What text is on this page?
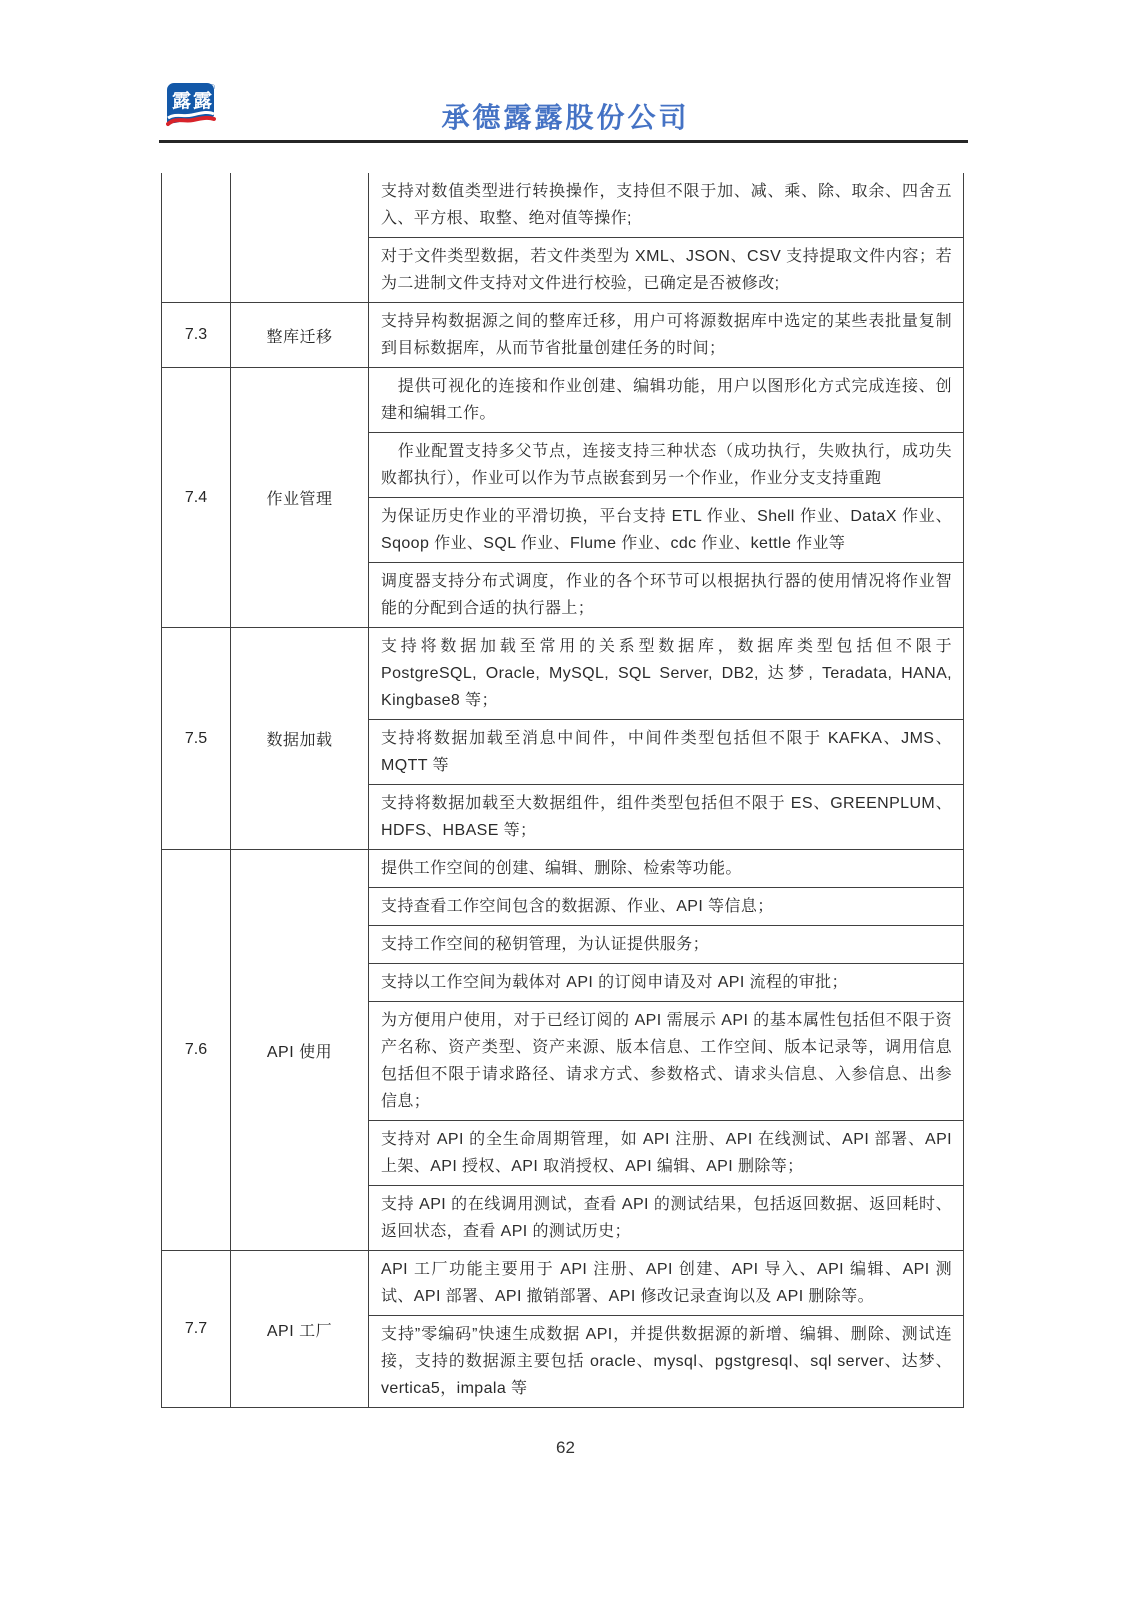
露露
®
承德露露股份公司

		支持对数值类型进行转换操作，支持但不限于加、减、乘、除、取余、四舍五入、平方根、取整、绝对值等操作;
对于文件类型数据，若文件类型为 XML、JSON、CSV 支持提取文件内容；若为二进制文件支持对文件进行校验，已确定是否被修改;

7.3	整库迁移	支持异构数据源之间的整库迁移，用户可将源数据库中选定的某些表批量复制到目标数据库，从而节省批量创建任务的时间；

7.4	作业管理	　提供可视化的连接和作业创建、编辑功能，用户以图形化方式完成连接、创建和编辑工作。
　作业配置支持多父节点，连接支持三种状态（成功执行，失败执行，成功失败都执行），作业可以作为节点嵌套到另一个作业，作业分支支持重跑
为保证历史作业的平滑切换，平台支持 ETL 作业、Shell 作业、DataX 作业、Sqoop 作业、SQL 作业、Flume 作业、cdc 作业、kettle 作业等
调度器支持分布式调度，作业的各个环节可以根据执行器的使用情况将作业智能的分配到合适的执行器上；

7.5	数据加载	支持将数据加载至常用的关系型数据库，数据库类型包括但不限于 PostgreSQL, Oracle, MySQL, SQL Server, DB2, 达梦, Teradata, HANA, Kingbase8 等；
支持将数据加载至消息中间件，中间件类型包括但不限于 KAFKA、JMS、MQTT 等
支持将数据加载至大数据组件，组件类型包括但不限于 ES、GREENPLUM、HDFS、HBASE 等；

7.6	API 使用	
提供工作空间的创建、编辑、删除、检索等功能。
支持查看工作空间包含的数据源、作业、API 等信息；
支持工作空间的秘钥管理，为认证提供服务；
支持以工作空间为载体对 API 的订阅申请及对 API 流程的审批；
为方便用户使用，对于已经订阅的 API 需展示 API 的基本属性包括但不限于资产名称、资产类型、资产来源、版本信息、工作空间、版本记录等，调用信息包括但不限于请求路径、请求方式、参数格式、请求头信息、入参信息、出参信息；
支持对 API 的全生命周期管理，如 API 注册、API 在线测试、API 部署、API 上架、API 授权、API 取消授权、API 编辑、API 删除等；
支持 API 的在线调用测试，查看 API 的测试结果，包括返回数据、返回耗时、返回状态，查看 API 的测试历史；

7.7	API 工厂	API 工厂功能主要用于 API 注册、API 创建、API 导入、API 编辑、API 测试、API 部署、API 撤销部署、API 修改记录查询以及 API 删除等。
支持”零编码”快速生成数据 API，并提供数据源的新增、编辑、删除、测试连接，支持的数据源主要包括 oracle、mysql、pgstgresql、sql server、达梦、vertica5，impala 等
62
